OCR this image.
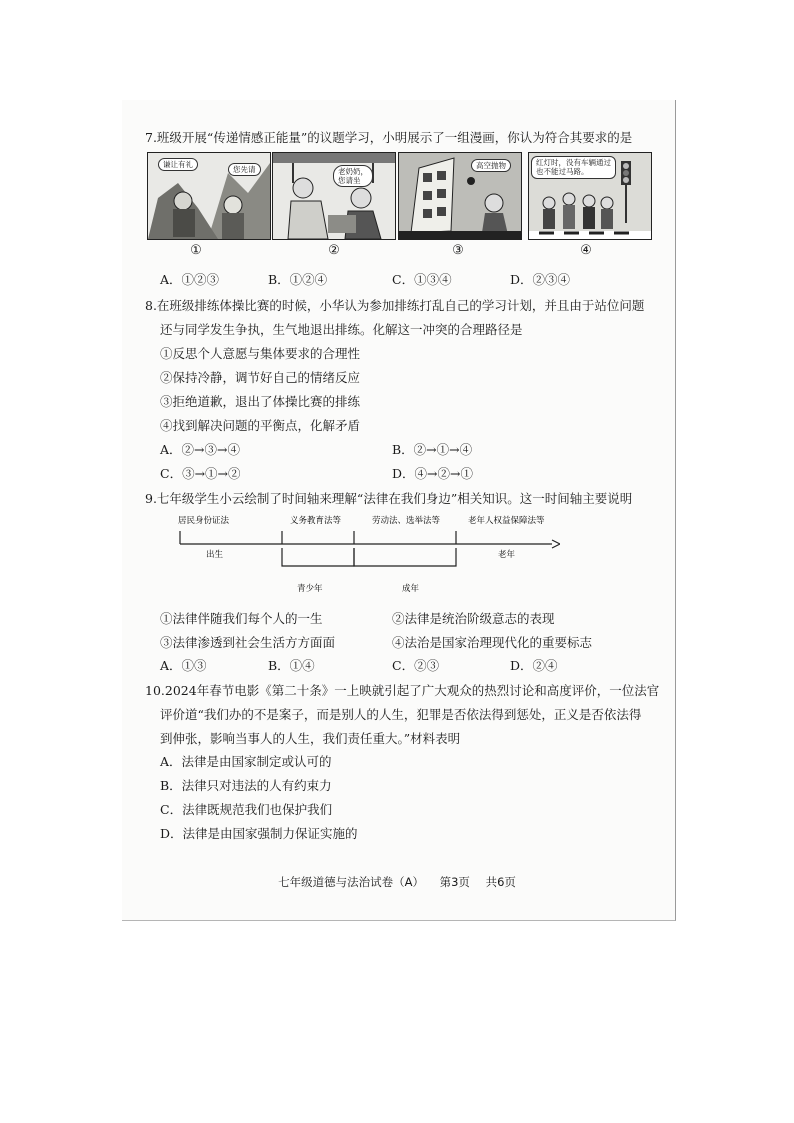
7.班级开展“传递情感正能量”的议题学习，小明展示了一组漫画，你认为符合其要求的是
谦让有礼
您先请
①
老奶奶，
您请坐
②
高空抛物
③
红灯时，没有车辆通过
也不能过马路。
④
A．①②③	B．①②④	C．①③④	D．②③④
8.在班级排练体操比赛的时候，小华认为参加排练打乱自己的学习计划，并且由于站位问题
还与同学发生争执，生气地退出排练。化解这一冲突的合理路径是
①反思个人意愿与集体要求的合理性
②保持冷静，调节好自己的情绪反应
③拒绝道歉，退出了体操比赛的排练
④找到解决问题的平衡点，化解矛盾
A．②→③→④	B．②→①→④
C．③→①→②	D．④→②→①
9.七年级学生小云绘制了时间轴来理解“法律在我们身边”相关知识。这一时间轴主要说明
居民身份证法	义务教育法等	劳动法、选举法等	老年人权益保障法等
出生	老年
青少年	成年
①法律伴随我们每个人的一生	②法律是统治阶级意志的表现
③法律渗透到社会生活方方面面	④法治是国家治理现代化的重要标志
A．①③	B．①④	C．②③	D．②④
10.2024年春节电影《第二十条》一上映就引起了广大观众的热烈讨论和高度评价，一位法官
评价道“我们办的不是案子，而是别人的人生，犯罪是否依法得到惩处，正义是否依法得
到伸张，影响当事人的人生，我们责任重大。”材料表明
A．法律是由国家制定或认可的
B．法律只对违法的人有约束力
C．法律既规范我们也保护我们
D．法律是由国家强制力保证实施的
七年级道德与法治试卷（A） 第3页 共6页
